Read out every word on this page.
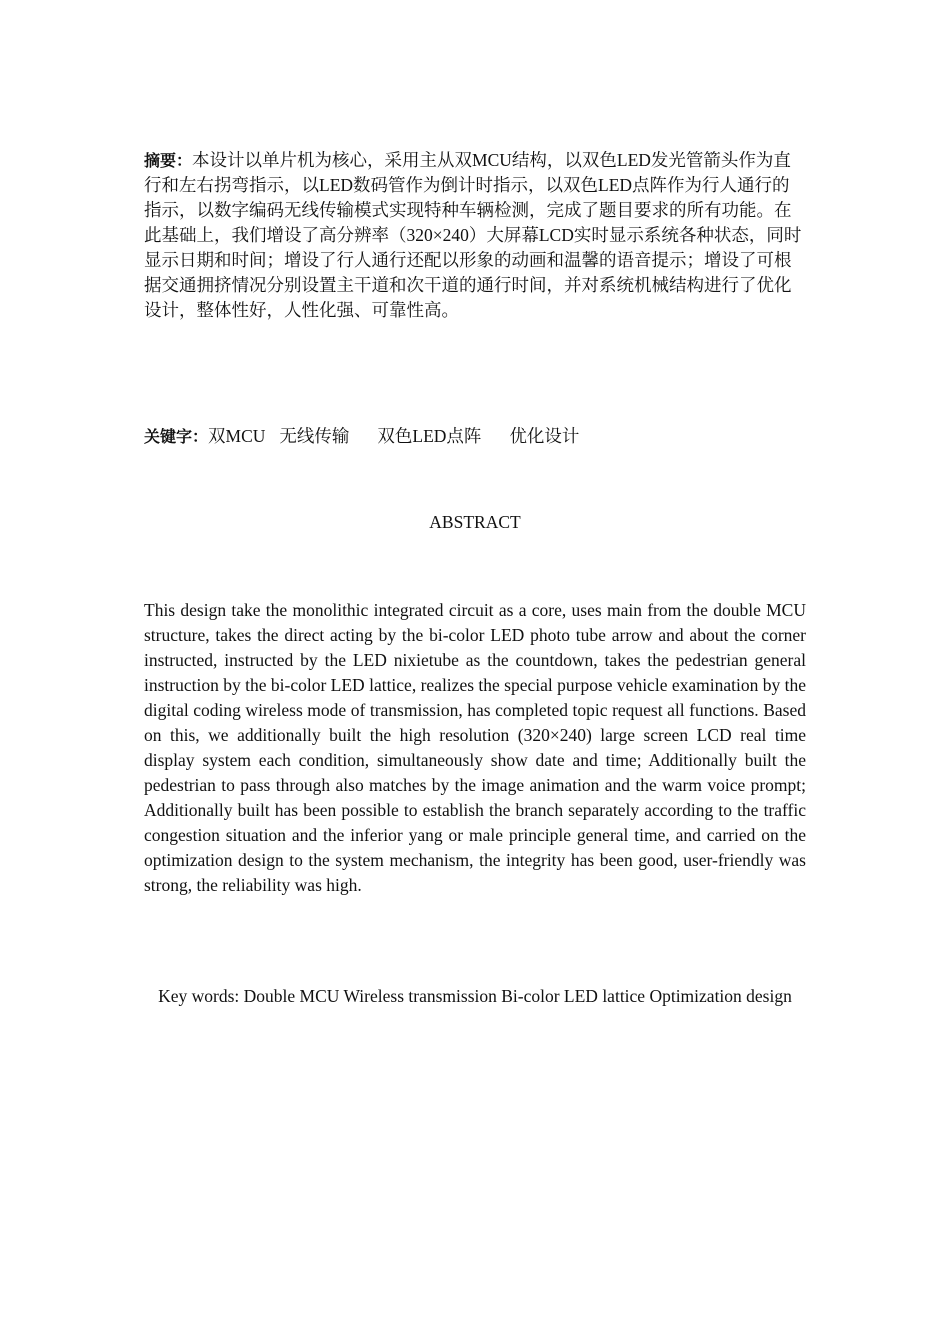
摘要：本设计以单片机为核心，采用主从双MCU结构，以双色LED发光管箭头作为直行和左右拐弯指示，以LED数码管作为倒计时指示，以双色LED点阵作为行人通行的指示，以数字编码无线传输模式实现特种车辆检测，完成了题目要求的所有功能。在此基础上，我们增设了高分辨率（320×240）大屏幕LCD实时显示系统各种状态，同时显示日期和时间；增设了行人通行还配以形象的动画和温馨的语音提示；增设了可根据交通拥挤情况分别设置主干道和次干道的通行时间，并对系统机械结构进行了优化设计，整体性好，人性化强、可靠性高。

关键字：双MCU 无线传输 双色LED点阵 优化设计
ABSTRACT

This design take the monolithic integrated circuit as a core, uses main from the double MCU structure, takes the direct acting by the bi-color LED photo tube arrow and about the corner instructed, instructed by the LED nixietube as the countdown, takes the pedestrian general instruction by the bi-color LED lattice, realizes the special purpose vehicle examination by the digital coding wireless mode of transmission, has completed topic request all functions. Based on this, we additionally built the high resolution (320×240) large screen LCD real time display system each condition, simultaneously show date and time; Additionally built the pedestrian to pass through also matches by the image animation and the warm voice prompt; Additionally built has been possible to establish the branch separately according to the traffic congestion situation and the inferior yang or male principle general time, and carried on the optimization design to the system mechanism, the integrity has been good, user-friendly was strong, the reliability was high.

Key words: Double MCU Wireless transmission Bi-color LED lattice Optimization design
